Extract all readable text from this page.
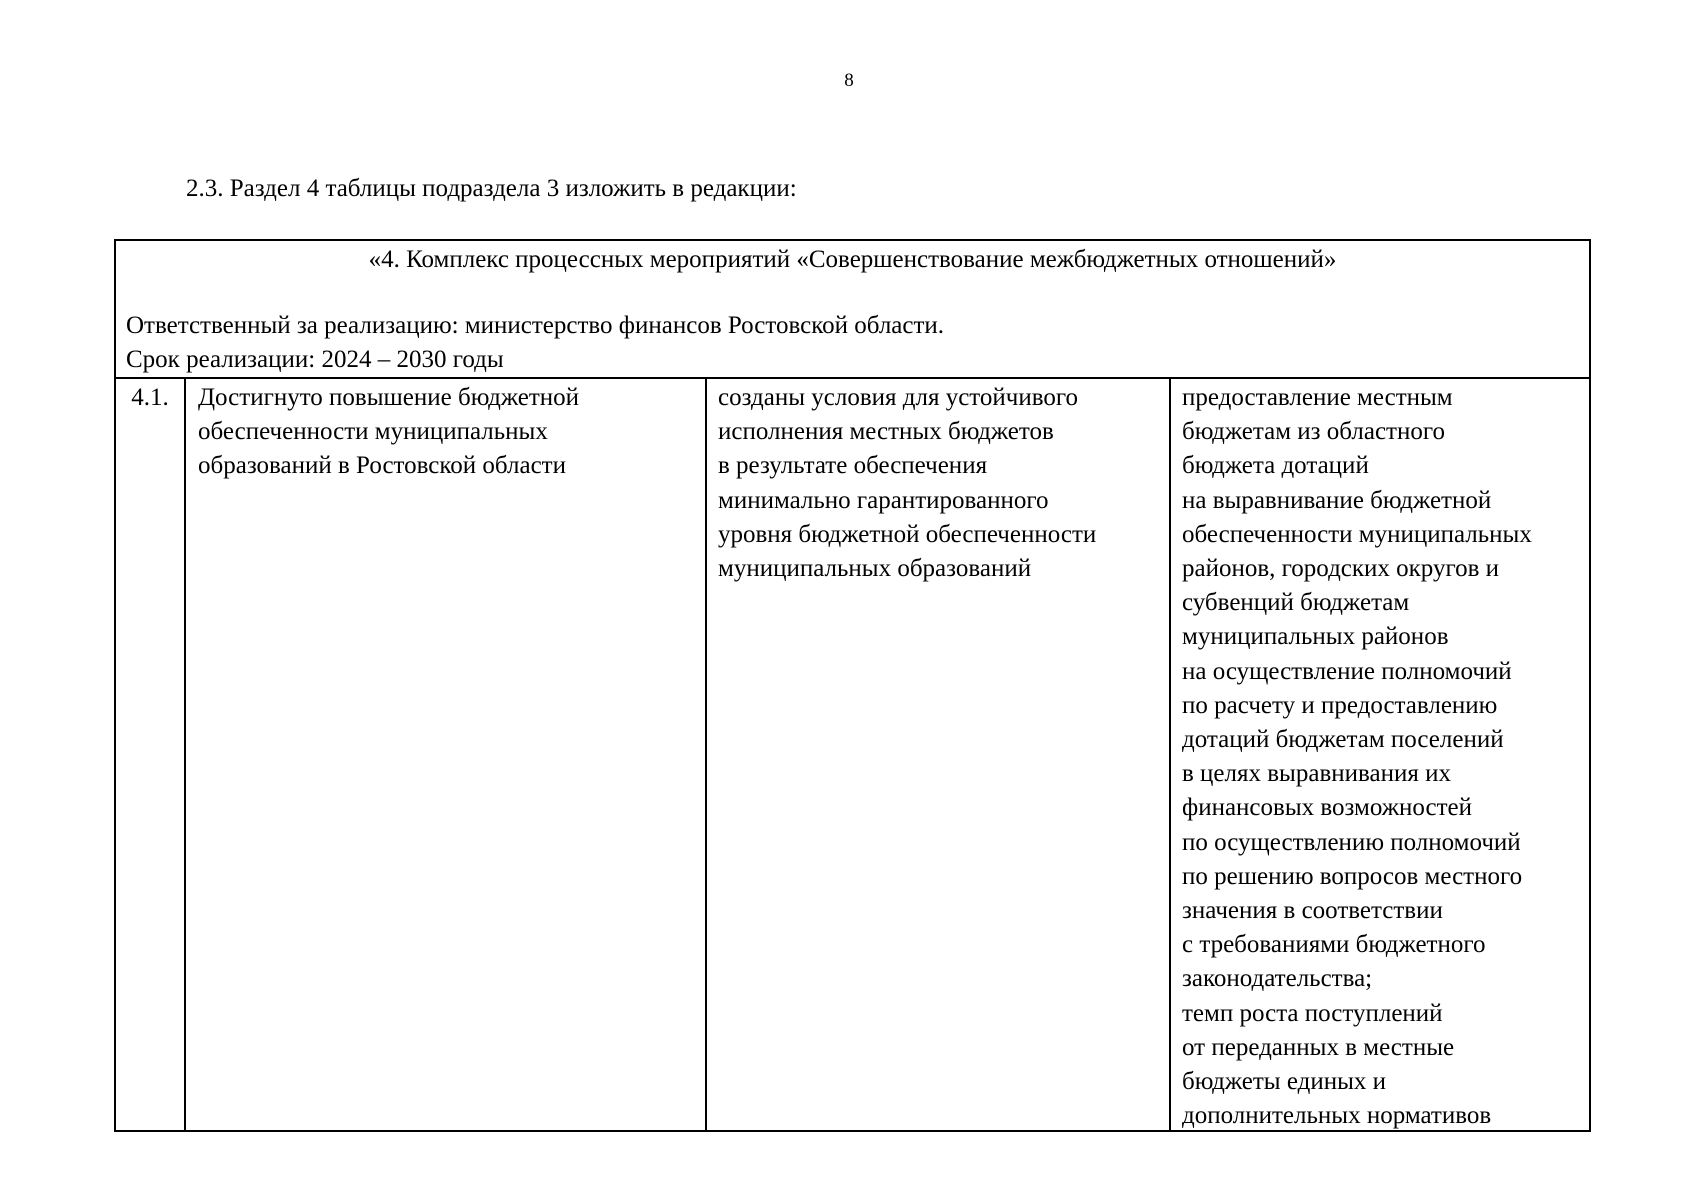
8
2.3. Раздел 4 таблицы подраздела 3 изложить в редакции:
«4. Комплекс процессных мероприятий «Совершенствование межбюджетных отношений»
Ответственный за реализацию: министерство финансов Ростовской области.
Срок реализации: 2024 – 2030 годы
4.1.	Достигнуто повышение бюджетной
обеспеченности муниципальных
образований в Ростовской области
созданы условия для устойчивого
исполнения местных бюджетов
в результате обеспечения
минимально гарантированного
уровня бюджетной обеспеченности
муниципальных образований
предоставление местным
бюджетам из областного
бюджета дотаций
на выравнивание бюджетной
обеспеченности муниципальных
районов, городских округов и
субвенций бюджетам
муниципальных районов
на осуществление полномочий
по расчету и предоставлению
дотаций бюджетам поселений
в целях выравнивания их
финансовых возможностей
по осуществлению полномочий
по решению вопросов местного
значения в соответствии
с требованиями бюджетного
законодательства;
темп роста поступлений
от переданных в местные
бюджеты единых и
дополнительных нормативов
